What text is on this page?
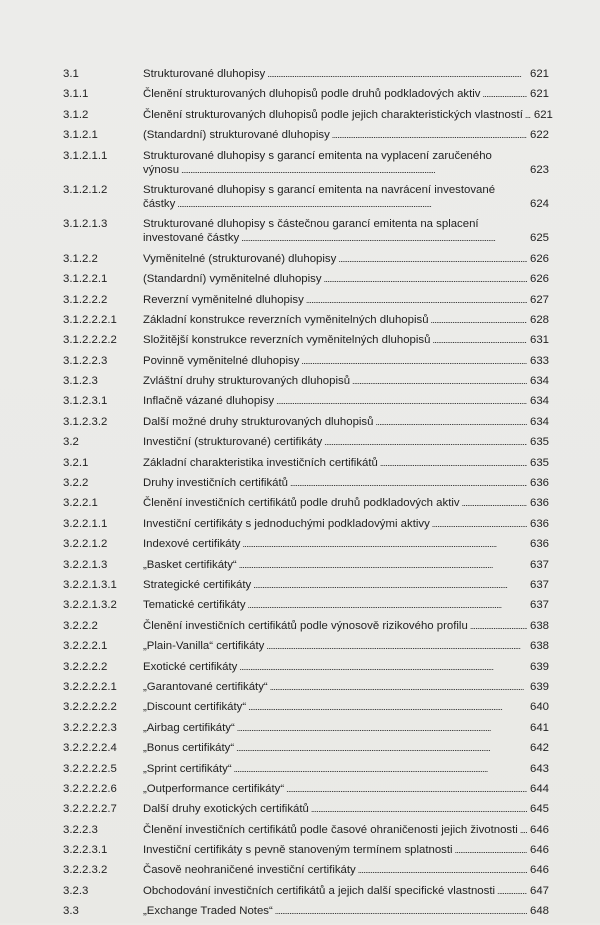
3.1	Strukturované dluhopisy . . .	621
3.1.1	Členění strukturovaných dluhopisů podle druhů podkladových aktiv . . .	621
3.1.2	Členění strukturovaných dluhopisů podle jejich charakteristických vlastností . . . 621
3.1.2.1	(Standardní) strukturované dluhopisy . . .	622
3.1.2.1.1	Strukturované dluhopisy s garancí emitenta na vyplacení zaručeného
výnosu . . .	623
3.1.2.1.2	Strukturované dluhopisy s garancí emitenta na navrácení investované
částky . . .	624
3.1.2.1.3	Strukturované dluhopisy s částečnou garancí emitenta na splacení
investované částky . . .	625
3.1.2.2	Vyměnitelné (strukturované) dluhopisy . . .	626
3.1.2.2.1	(Standardní) vyměnitelné dluhopisy . . .	626
3.1.2.2.2	Reverzní vyměnitelné dluhopisy . . .	627
3.1.2.2.2.1	Základní konstrukce reverzních vyměnitelných dluhopisů . . .	628
3.1.2.2.2.2	Složitější konstrukce reverzních vyměnitelných dluhopisů . . .	631
3.1.2.2.3	Povinně vyměnitelné dluhopisy . . .	633
3.1.2.3	Zvláštní druhy strukturovaných dluhopisů . . .	634
3.1.2.3.1	Inflačně vázané dluhopisy . . .	634
3.1.2.3.2	Další možné druhy strukturovaných dluhopisů . . .	634
3.2	Investiční (strukturované) certifikáty . . .	635
3.2.1	Základní charakteristika investičních certifikátů . . .	635
3.2.2	Druhy investičních certifikátů . . .	636
3.2.2.1	Členění investičních certifikátů podle druhů podkladových aktiv . . .	636
3.2.2.1.1	Investiční certifikáty s jednoduchými podkladovými aktivy . . .	636
3.2.2.1.2	Indexové certifikáty . . .	636
3.2.2.1.3	„Basket certifikáty“ . . .	637
3.2.2.1.3.1	Strategické certifikáty . . .	637
3.2.2.1.3.2	Tematické certifikáty . . .	637
3.2.2.2	Členění investičních certifikátů podle výnosově rizikového profilu . . .	638
3.2.2.2.1	„Plain-Vanilla“ certifikáty . . .	638
3.2.2.2.2	Exotické certifikáty . . .	639
3.2.2.2.2.1	„Garantované certifikáty“ . . .	639
3.2.2.2.2.2	„Discount certifikáty“ . . .	640
3.2.2.2.2.3	„Airbag certifikáty“ . . .	641
3.2.2.2.2.4	„Bonus certifikáty“ . . .	642
3.2.2.2.2.5	„Sprint certifikáty“ . . .	643
3.2.2.2.2.6	„Outperformance certifikáty“ . . .	644
3.2.2.2.2.7	Další druhy exotických certifikátů . . .	645
3.2.2.3	Členění investičních certifikátů podle časové ohraničenosti jejich životnosti . . . 646
3.2.2.3.1	Investiční certifikáty s pevně stanoveným termínem splatnosti . . .	646
3.2.2.3.2	Časově neohraničené investiční certifikáty . . .	646
3.2.3	Obchodování investičních certifikátů a jejich další specifické vlastnosti . . .	647
3.3	„Exchange Traded Notes“ . . .	648
